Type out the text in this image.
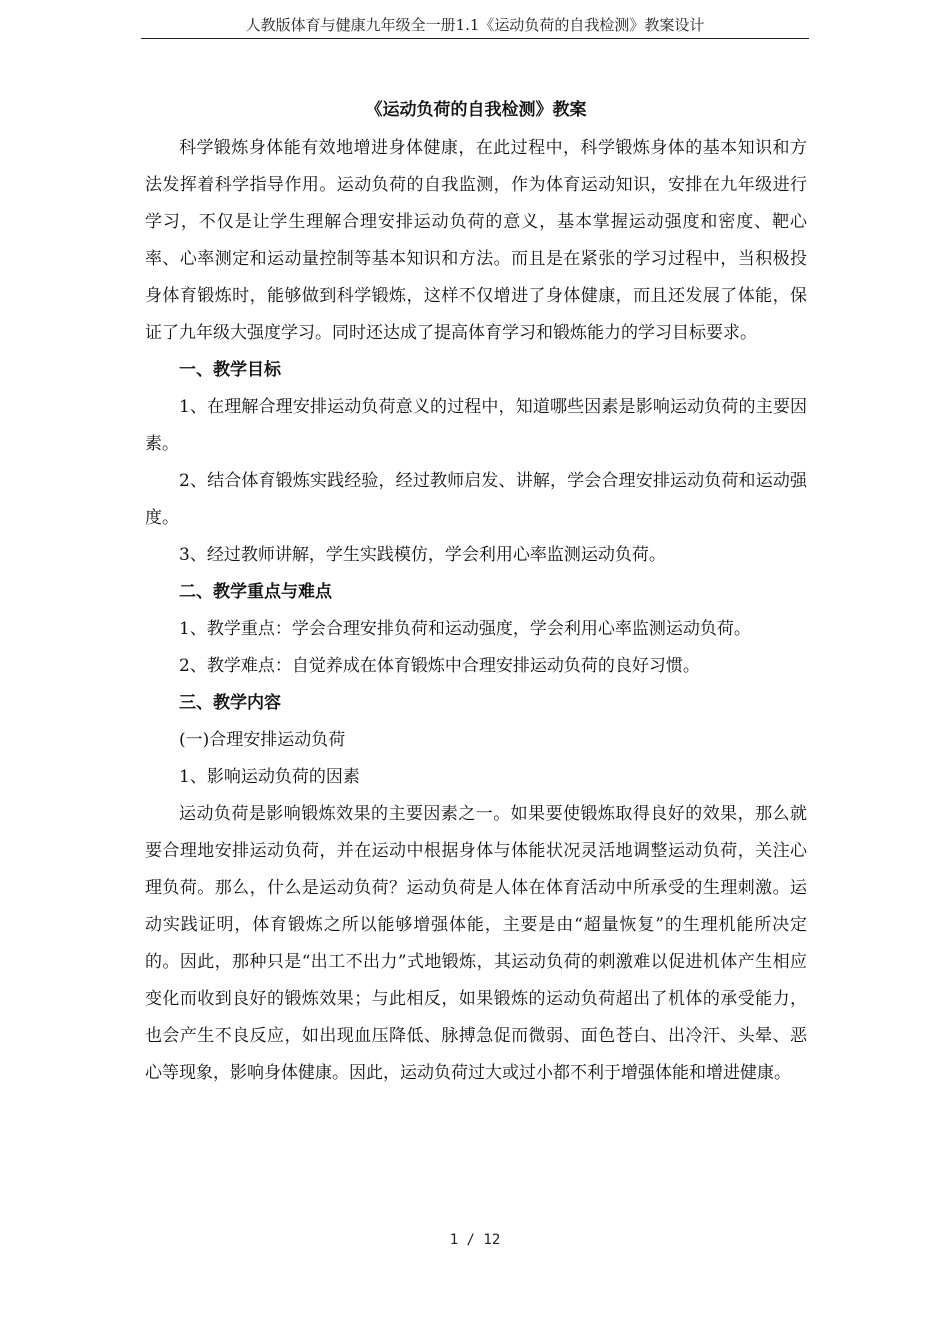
人教版体育与健康九年级全一册1.1《运动负荷的自我检测》教案设计
《运动负荷的自我检测》教案

科学锻炼身体能有效地增进身体健康，在此过程中，科学锻炼身体的基本知识和方法发挥着科学指导作用。运动负荷的自我监测，作为体育运动知识，安排在九年级进行学习，不仅是让学生理解合理安排运动负荷的意义，基本掌握运动强度和密度、靶心率、心率测定和运动量控制等基本知识和方法。而且是在紧张的学习过程中，当积极投身体育锻炼时，能够做到科学锻炼，这样不仅增进了身体健康，而且还发展了体能，保证了九年级大强度学习。同时还达成了提高体育学习和锻炼能力的学习目标要求。

一、教学目标

1、在理解合理安排运动负荷意义的过程中，知道哪些因素是影响运动负荷的主要因素。

2、结合体育锻炼实践经验，经过教师启发、讲解，学会合理安排运动负荷和运动强度。

3、经过教师讲解，学生实践模仿，学会利用心率监测运动负荷。

二、教学重点与难点

1、教学重点：学会合理安排负荷和运动强度，学会利用心率监测运动负荷。

2、教学难点：自觉养成在体育锻炼中合理安排运动负荷的良好习惯。

三、教学内容

(一)合理安排运动负荷

1、影响运动负荷的因素

运动负荷是影响锻炼效果的主要因素之一。如果要使锻炼取得良好的效果，那么就要合理地安排运动负荷，并在运动中根据身体与体能状况灵活地调整运动负荷，关注心理负荷。那么，什么是运动负荷？运动负荷是人体在体育活动中所承受的生理刺激。运动实践证明，体育锻炼之所以能够增强体能，主要是由“超量恢复”的生理机能所决定的。因此，那种只是“出工不出力”式地锻炼，其运动负荷的刺激难以促进机体产生相应变化而收到良好的锻炼效果；与此相反，如果锻炼的运动负荷超出了机体的承受能力，也会产生不良反应，如出现血压降低、脉搏急促而微弱、面色苍白、出冷汗、头晕、恶心等现象，影响身体健康。因此，运动负荷过大或过小都不利于增强体能和增进健康。

1 / 12
